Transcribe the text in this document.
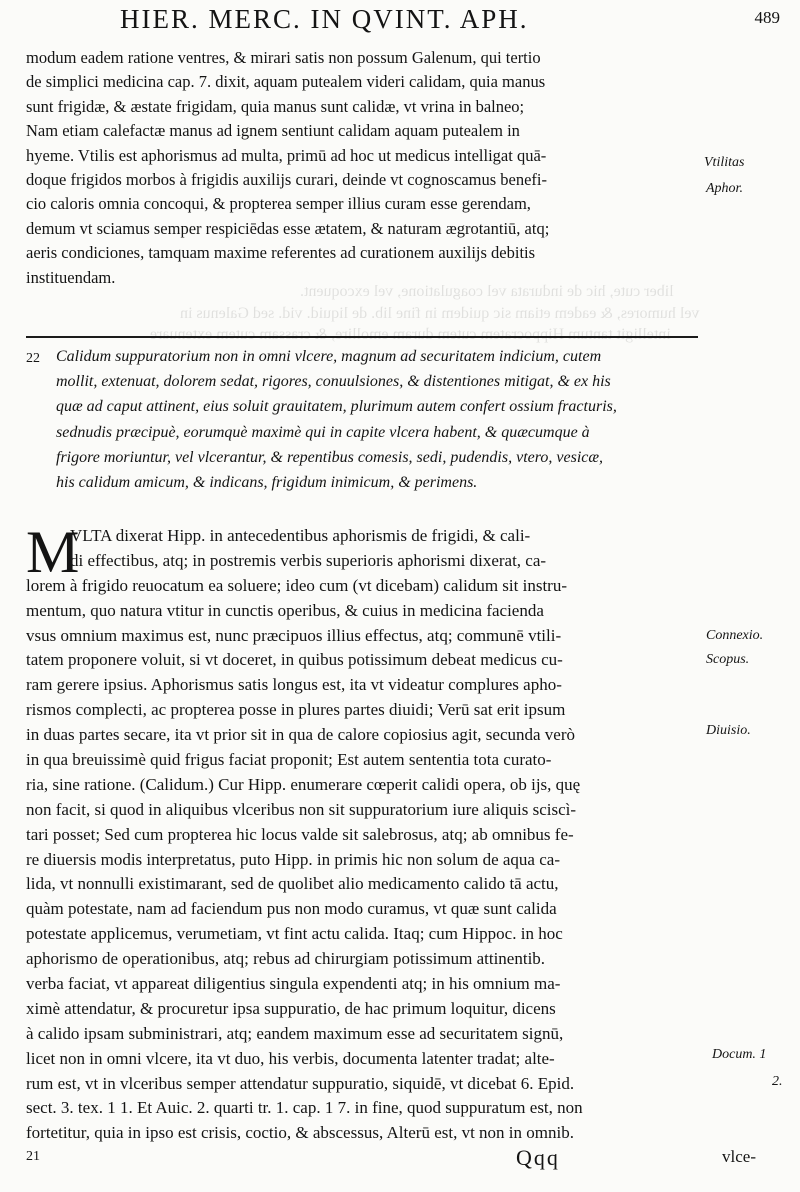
liber cute, hic de indurata vel coagulatione, vel excoquent.
vel humores, & eadem etiam sic quidem in fine lib. de liquid. vid. sed Galenus in
intelligit tantum Hippocratem cutem duram emollire, & crassam cutem extenuare
HIER. MERC. IN QVINT. APH.	489
modum eadem ratione ventres, & mirari satis non possum Galenum, qui tertio
de simplici medicina cap. 7. dixit, aquam putealem videri calidam, quia manus
sunt frigidæ, & æstate frigidam, quia manus sunt calidæ, vt vrina in balneo;
Nam etiam calefactæ manus ad ignem sentiunt calidam aquam putealem in
hyeme. Vtilis est aphorismus ad multa, primū ad hoc ut medicus intelligat quā-
doque frigidos morbos à frigidis auxilijs curari, deinde vt cognoscamus benefi-
cio caloris omnia concoqui, & propterea semper illius curam esse gerendam,
demum vt sciamus semper respiciēdas esse ætatem, & naturam ægrotantiū, atq;
aeris condiciones, tamquam maxime referentes ad curationem auxilijs debitis
instituendam.
22 Calidum suppuratorium non in omni vlcere, magnum ad securitatem indicium, cutem
mollit, extenuat, dolorem sedat, rigores, conuulsiones, & distentiones mitigat, & ex his
quæ ad caput attinent, eius soluit grauitatem, plurimum autem confert ossium fracturis,
sednudis præcipuè, eorumquè maximè qui in capite vlcera habent, & quæcumque à
frigore moriuntur, vel vlcerantur, & repentibus comesis, sedi, pudendis, vtero, vesicæ,
his calidum amicum, & indicans, frigidum inimicum, & perimens.
M
VLTA dixerat Hipp. in antecedentibus aphorismis de frigidi, & cali-
di effectibus, atq; in postremis verbis superioris aphorismi dixerat, ca-
lorem à frigido reuocatum ea soluere; ideo cum (vt dicebam) calidum sit instru-
mentum, quo natura vtitur in cunctis operibus, & cuius in medicina facienda
vsus omnium maximus est, nunc præcipuos illius effectus, atq; communē vtili-
tatem proponere voluit, si vt doceret, in quibus potissimum debeat medicus cu-
ram gerere ipsius. Aphorismus satis longus est, ita vt videatur complures apho-
rismos complecti, ac propterea posse in plures partes diuidi; Verū sat erit ipsum
in duas partes secare, ita vt prior sit in qua de calore copiosius agit, secunda verò
in qua breuissimè quid frigus faciat proponit; Est autem sententia tota curato-
ria, sine ratione. (Calidum.) Cur Hipp. enumerare cœperit calidi opera, ob ijs, quę
non facit, si quod in aliquibus vlceribus non sit suppuratorium iure aliquis sciscì-
tari posset; Sed cum propterea hic locus valde sit salebrosus, atq; ab omnibus fe-
re diuersis modis interpretatus, puto Hipp. in primis hic non solum de aqua ca-
lida, vt nonnulli existimarant, sed de quolibet alio medicamento calido tā actu,
quàm potestate, nam ad faciendum pus non modo curamus, vt quæ sunt calida
potestate applicemus, verumetiam, vt fint actu calida. Itaq; cum Hippoc. in hoc
aphorismo de operationibus, atq; rebus ad chirurgiam potissimum attinentib.
verba faciat, vt appareat diligentius singula expendenti atq; in his omnium ma-
ximè attendatur, & procuretur ipsa suppuratio, de hac primum loquitur, dicens
à calido ipsam subministrari, atq; eandem maximum esse ad securitatem signū,
licet non in omni vlcere, ita vt duo, his verbis, documenta latenter tradat; alte-
rum est, vt in vlceribus semper attendatur suppuratio, siquidē, vt dicebat 6. Epid.
sect. 3. tex. 1 1. Et Auic. 2. quarti tr. 1. cap. 1 7. in fine, quod suppuratum est, non
fortetitur, quia in ipso est crisis, coctio, & abscessus, Alterū est, vt non in omnib.
Vtilitas
Aphor.
Connexio.
Scopus.
Diuisio.
Docum. 1
2.
21	Qqq	vlce-
